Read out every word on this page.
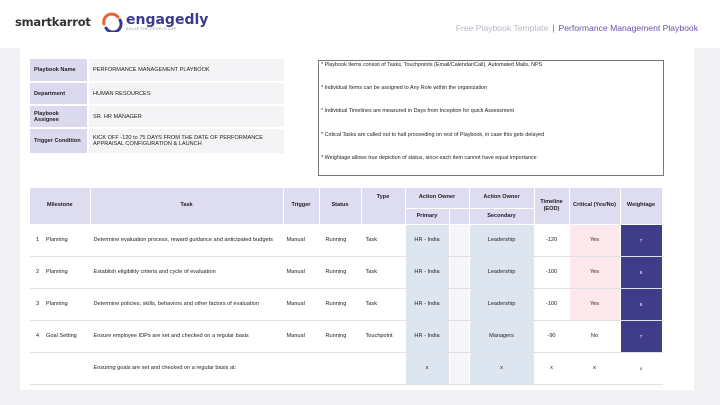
smartkarrot	engagedly
SOLVE THE PEOPLE GAP	Free Playbook Template | Performance Management Playbook
Playbook Name	PERFORMANCE MANAGEMENT PLAYBOOK
Department	HUMAN RESOURCES
Playbook Assignee	SR. HR MANAGER
Trigger Condition	KICK OFF -120 to 75 DAYS FROM THE DATE OF PERFORMANCE APPRAISAL CONFIGURATION & LAUNCH

* Playbook Items consist of Tasks, Touchpoints (Email/Calendar/Call), Automated Mails, NPS

* Individual Items can be assigned to Any Role within the organization

* Individual Timelines are measured in Days from Inception for quick Assessment

* Critical Tasks are called out to halt proceeding on rest of Playbook, in case this gets delayed

* Weightage allows true depiction of status, since each item cannot have equal importance

Milestone	Task	Trigger	Status	Type	Action Owner		Action Owner	Timeline (EOD)	Critical (Yes/No)	Weightage
					Primary		Secondary			
1 Planning	Determine evaluation process, reward guidance and anticipated budgets	Manual	Running	Task	HR - India		Leadership	-120	Yes	7
2 Planning	Establish eligibility criteria and cycle of evaluation	Manual	Running	Task	HR - India		Leadership	-100	Yes	8
3 Planning	Determine policies, skills, behaviors and other factors of evaluation	Manual	Running	Task	HR - India		Leadership	-100	Yes	8
4 Goal Setting	Ensure employee IDPs are set and checked on a regular basis	Manual	Running	Touchpoint	HR - India		Managers	-90	No	7
	Ensuring goals are set and checked on a regular basis at:				x		x	x	x	x
